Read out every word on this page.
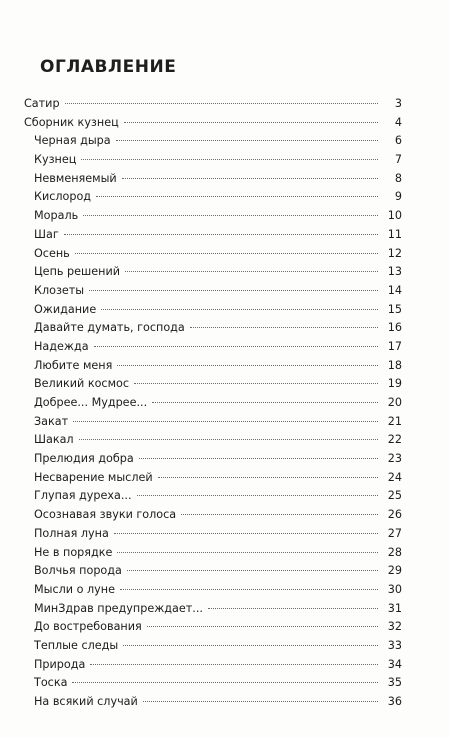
ОГЛАВЛЕНИЕ
Сатир	3
Сборник кузнец	4
Черная дыра	6
Кузнец	7
Невменяемый	8
Кислород	9
Мораль	10
Шаг	11
Осень	12
Цепь решений	13
Клозеты	14
Ожидание	15
Давайте думать, господа	16
Надежда	17
Любите меня	18
Великий космос	19
Добрее... Мудрее...	20
Закат	21
Шакал	22
Прелюдия добра	23
Несварение мыслей	24
Глупая дуреха...	25
Осознавая звуки голоса	26
Полная луна	27
Не в порядке	28
Волчья порода	29
Мысли о луне	30
МинЗдрав предупреждает...	31
До востребования	32
Теплые следы	33
Природа	34
Тоска	35
На всякий случай	36
